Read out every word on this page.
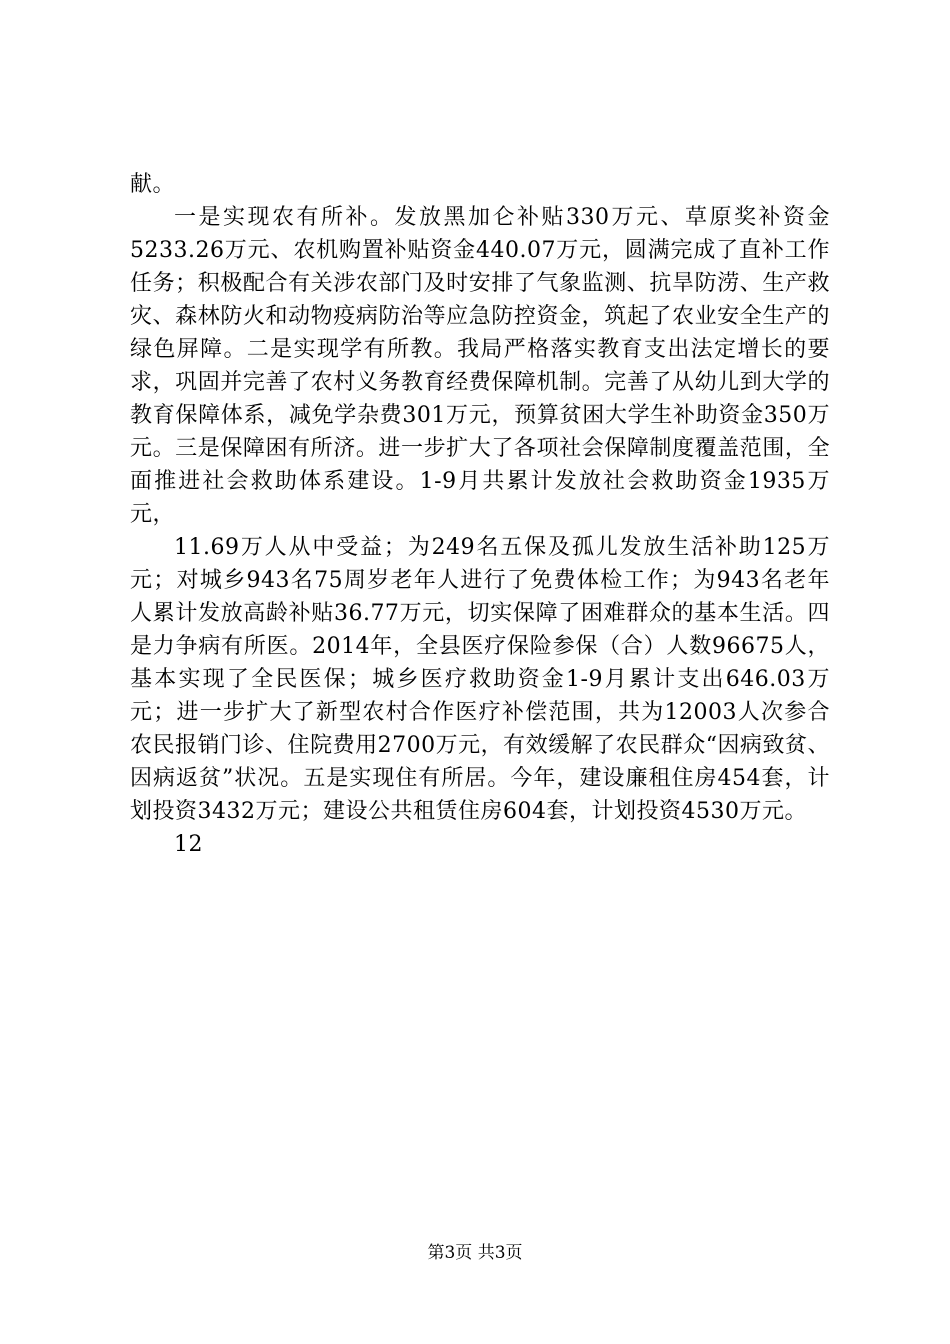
献。

一是实现农有所补。发放黑加仑补贴330万元、草原奖补资金5233.26万元、农机购置补贴资金440.07万元，圆满完成了直补工作任务；积极配合有关涉农部门及时安排了气象监测、抗旱防涝、生产救灾、森林防火和动物疫病防治等应急防控资金，筑起了农业安全生产的绿色屏障。二是实现学有所教。我局严格落实教育支出法定增长的要求，巩固并完善了农村义务教育经费保障机制。完善了从幼儿到大学的教育保障体系，减免学杂费301万元，预算贫困大学生补助资金350万元。三是保障困有所济。进一步扩大了各项社会保障制度覆盖范围，全面推进社会救助体系建设。1-9月共累计发放社会救助资金1935万元，

11.69万人从中受益；为249名五保及孤儿发放生活补助125万元；对城乡943名75周岁老年人进行了免费体检工作；为943名老年人累计发放高龄补贴36.77万元，切实保障了困难群众的基本生活。四是力争病有所医。2014年，全县医疗保险参保（合）人数96675人，基本实现了全民医保；城乡医疗救助资金1-9月累计支出646.03万元；进一步扩大了新型农村合作医疗补偿范围，共为12003人次参合农民报销门诊、住院费用2700万元，有效缓解了农民群众“因病致贫、因病返贫”状况。五是实现住有所居。今年，建设廉租住房454套，计划投资3432万元；建设公共租赁住房604套，计划投资4530万元。

12

第3页 共3页
